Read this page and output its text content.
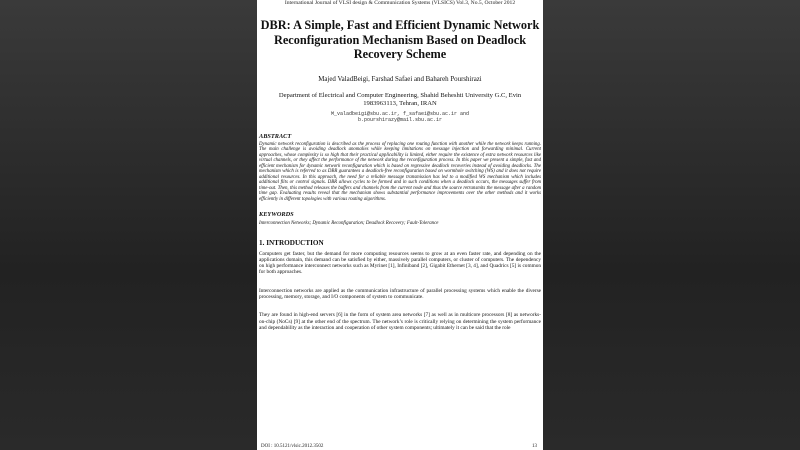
International Journal of VLSI design & Communication Systems (VLSICS) Vol.3, No.5, October 2012
DBR: A Simple, Fast and Efficient Dynamic Network Reconfiguration Mechanism Based on Deadlock Recovery Scheme
Majed ValadBeigi, Farshad Safaei and Bahareh Pourshirazi
Department of Electrical and Computer Engineering, Shahid Beheshti University G.C, Evin
1983963113, Tehran, IRAN
M_valadbeigi@sbu.ac.ir, f_safaei@sbu.ac.ir and
b.pourshirazy@mail.sbu.ac.ir
ABSTRACT
Dynamic network reconfiguration is described as the process of replacing one routing function with another while the network keeps running. The main challenge is avoiding deadlock anomalies while keeping limitations on message injection and forwarding minimal. Current approaches, whose complexity is so high that their practical applicability is limited, either require the existence of extra network resources like virtual channels, or they affect the performance of the network during the reconfiguration process. In this paper we present a simple, fast and efficient mechanism for dynamic network reconfiguration which is based on regressive deadlock recoveries instead of avoiding deadlocks. The mechanism which is referred to as DBR guarantees a deadlock-free reconfiguration based on wormhole switching (WS) and it does not require additional resources. In this approach, the need for a reliable message transmission has led to a modified WS mechanism which includes additional flits or control signals. DBR allows cycles to be formed and in such conditions when a deadlock occurs, the messages suffer from time-out. Then, this method releases the buffers and channels from the current node and thus the source retransmits the message after a random time gap. Evaluating results reveal that the mechanism shows substantial performance improvements over the other methods and it works efficiently in different topologies with various routing algorithms.
KEYWORDS
Interconnection Networks; Dynamic Reconfiguration; Deadlock Recovery; Fault-Tolerance
1. INTRODUCTION
Computers get faster, but the demand for more computing resources seems to grow at an even faster rate, and depending on the applications domain, this demand can be satisfied by either, massively parallel computers, or cluster of computers. The dependency on high performance interconnect networks such as Myrinet [1], Infiniband [2], Gigabit Ethernet [3, 4], and Quadrics [5] is common for both approaches.
Interconnection networks are applied as the communication infrastructure of parallel processing systems which enable the diverse processing, memory, storage, and I/O components of system to communicate.
They are found in high-end servers [6] in the form of system area networks [7] as well as in multicore processors [8] as networks-on-chip (NoCs) [9] at the other end of the spectrum. The network’s role is critically relying on determining the system performance and dependability as the interaction and cooperation of other system components; ultimately it can be said that the role
DOI : 10.5121/vlsic.2012.3502	13
